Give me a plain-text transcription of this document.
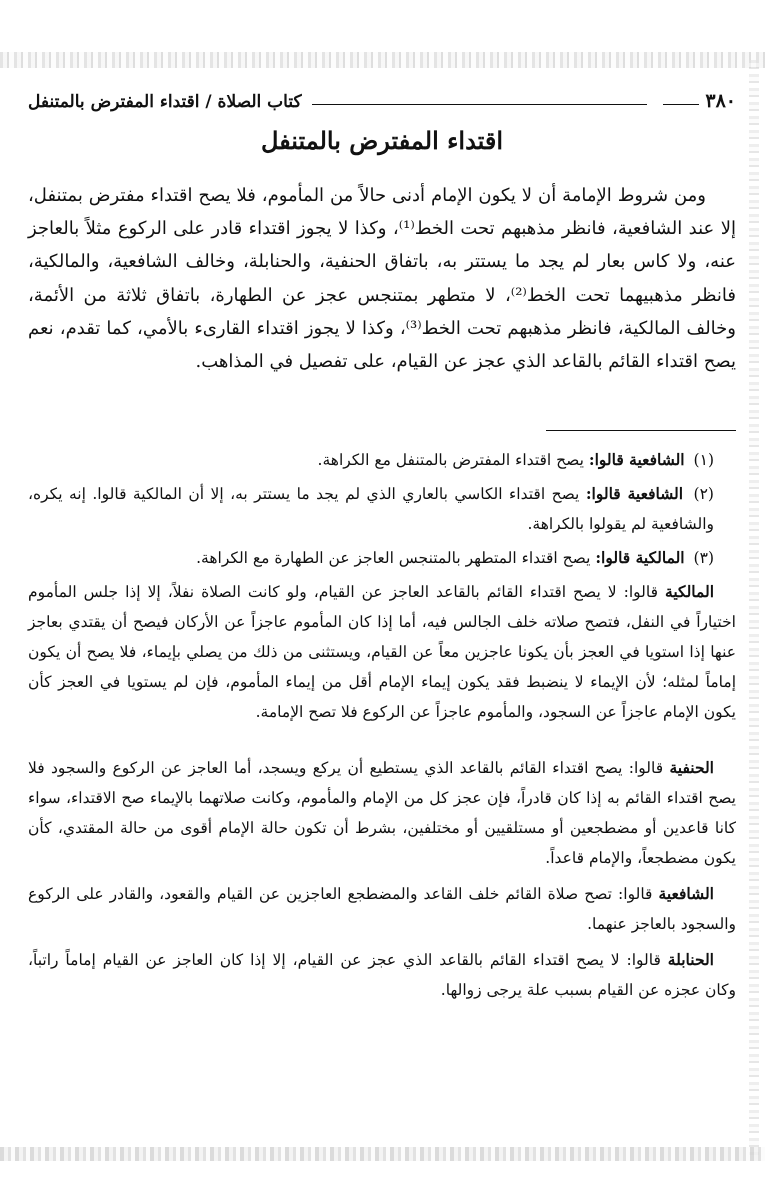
٣٨٠
كتاب الصلاة / اقتداء المفترض بالمتنفل
اقتداء المفترض بالمتنفل

ومن شروط الإمامة أن لا يكون الإمام أدنى حالاً من المأموم، فلا يصح اقتداء مفترض بمتنفل، إلا عند الشافعية، فانظر مذهبهم تحت الخط⁽¹⁾، وكذا لا يجوز اقتداء قادر على الركوع مثلاً بالعاجز عنه، ولا كاس بعار لم يجد ما يستتر به، باتفاق الحنفية، والحنابلة، وخالف الشافعية، والمالكية، فانظر مذهبيهما تحت الخط⁽²⁾، لا متطهر بمتنجس عجز عن الطهارة، باتفاق ثلاثة من الأئمة، وخالف المالكية، فانظر مذهبهم تحت الخط⁽³⁾، وكذا لا يجوز اقتداء القارىء بالأمي، كما تقدم، نعم يصح اقتداء القائم بالقاعد الذي عجز عن القيام، على تفصيل في المذاهب.

(١) الشافعية قالوا: يصح اقتداء المفترض بالمتنفل مع الكراهة.

(٢) الشافعية قالوا: يصح اقتداء الكاسي بالعاري الذي لم يجد ما يستتر به، إلا أن المالكية قالوا. إنه يكره، والشافعية لم يقولوا بالكراهة.

(٣) المالكية قالوا: يصح اقتداء المتطهر بالمتنجس العاجز عن الطهارة مع الكراهة.

المالكية قالوا: لا يصح اقتداء القائم بالقاعد العاجز عن القيام، ولو كانت الصلاة نفلاً، إلا إذا جلس المأموم اختياراً في النفل، فتصح صلاته خلف الجالس فيه، أما إذا كان المأموم عاجزاً عن الأركان فيصح أن يقتدي بعاجز عنها إذا استويا في العجز بأن يكونا عاجزين معاً عن القيام، ويستثنى من ذلك من يصلي بإيماء، فلا يصح أن يكون إماماً لمثله؛ لأن الإيماء لا ينضبط فقد يكون إيماء الإمام أقل من إيماء المأموم، فإن لم يستويا في العجز كأن يكون الإمام عاجزاً عن السجود، والمأموم عاجزاً عن الركوع فلا تصح الإمامة.

الحنفية قالوا: يصح اقتداء القائم بالقاعد الذي يستطيع أن يركع ويسجد، أما العاجز عن الركوع والسجود فلا يصح اقتداء القائم به إذا كان قادراً، فإن عجز كل من الإمام والمأموم، وكانت صلاتهما بالإيماء صح الاقتداء، سواء كانا قاعدين أو مضطجعين أو مستلقيين أو مختلفين، بشرط أن تكون حالة الإمام أقوى من حالة المقتدي، كأن يكون مضطجعاً، والإمام قاعداً.

الشافعية قالوا: تصح صلاة القائم خلف القاعد والمضطجع العاجزين عن القيام والقعود، والقادر على الركوع والسجود بالعاجز عنهما.

الحنابلة قالوا: لا يصح اقتداء القائم بالقاعد الذي عجز عن القيام، إلا إذا كان العاجز عن القيام إماماً راتباً، وكان عجزه عن القيام بسبب علة يرجى زوالها.
